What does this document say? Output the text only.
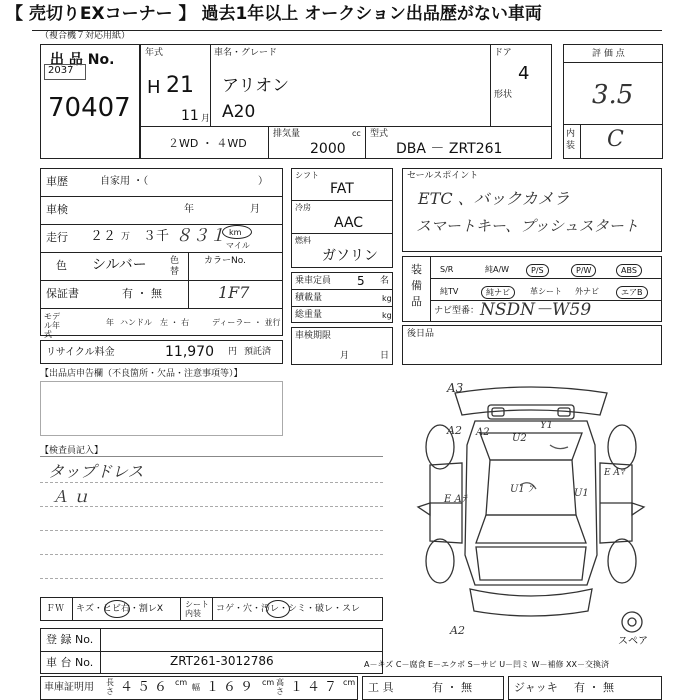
【 売切りEXコーナー 】 過去1年以上 オークション出品歴がない車両
（複合機７対応用紙）
出 品 No.
2037
70407
年式
H 21
11 月
車名・グレード
アリオン
A20
ドア
4
形状
２WD ・ ４WD
排気量	cc
2000
型式
DBA － ZRT261
評 価 点
3.5
内装 C
車歴	自家用 ・（	）
車検	年	月
走行 ２２ 万 ３千 ８３１ km
マイル
色 シルバー	色替
カラーNo.
1F7
保証書	有 ・ 無
モデル年式
年 ハンドル 左 ・ 右	ディーラー ・ 並行
リサイクル料金	11,970 円 預託済
シフト
FAT
冷房
AAC
燃料
ガソリン
乗車定員 5 名
積載量	kg
総重量	kg
車検期限
月	日
セールスポイント
ETC 、バックカメラ
スマートキー、プッシュスタート
装備品
S/R	純A/W	P/S	P/W	ABS
純TV	純ナビ	革シート	外ナビ	エアB
ナビ型番： NSDN－W59
後日品
【出品店申告欄（不良箇所・欠品・注意事項等）】
【検査員記入】
タップドレス
Ａ ｕ
A3
A2 A2
Y1
U2
E Aﾃ
U1 ﾌ	U1
E Aﾏ
A2
スペア
ＦＷ キズ・ヒビ右・割レX	シート内装	コゲ・穴・汚レ・シミ・破レ・スレ
登 録 No.
車 台 No.	ZRT261-3012786	A－キズ C－腐食 E－エクボ S－サビ U－凹ミ W－補修 XX－交換済
車庫証明用 長さ ４５６ cm
幅 １６９ cm 高さ １４７ cm 工 具	有 ・ 無	ジャッキ 有 ・ 無
